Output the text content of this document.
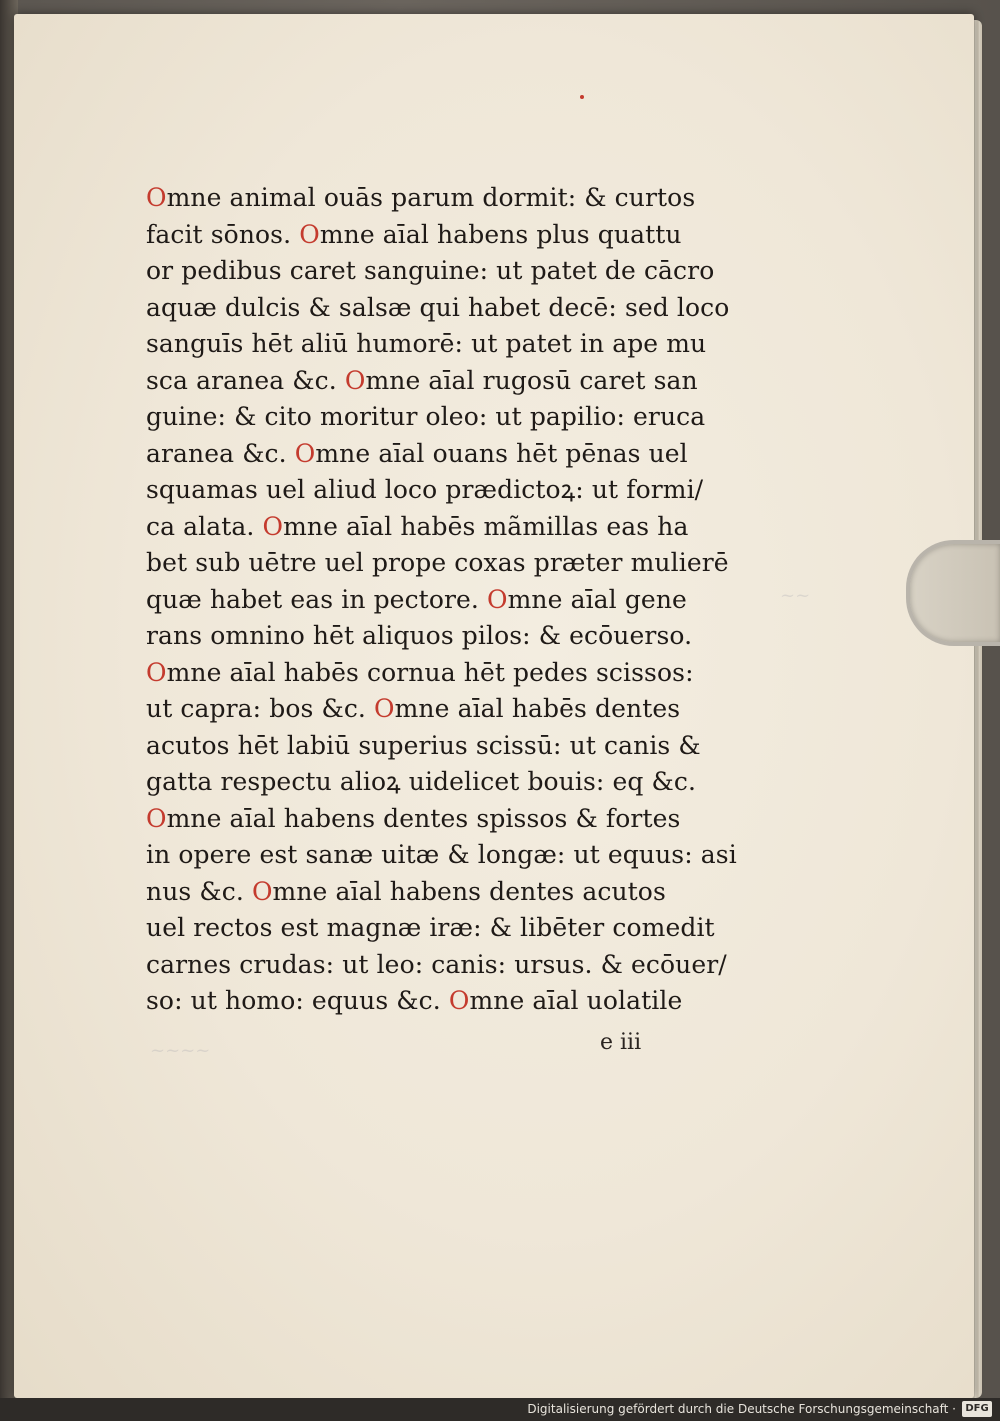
~~
~~~~
Omne animal ouās parum dormit: & curtos
facit sōnos. Omne aīal habens plus quattu
or pedibus caret sanguine: ut patet de cācro
aquæ dulcis & salsæ qui habet decē: sed loco
sanguīs hēt aliū humorē: ut patet in ape mu
sca aranea &c. Omne aīal rugosū caret san
guine: & cito moritur oleo: ut papilio: eruca
aranea &c. Omne aīal ouans hēt pēnas uel
squamas uel aliud loco prædictoꝝ: ut formi/
ca alata. Omne aīal habēs mãmillas eas ha
bet sub uētre uel prope coxas præter mulierē
quæ habet eas in pectore. Omne aīal gene
rans omnino hēt aliquos pilos: & ecōuerso.
Omne aīal habēs cornua hēt pedes scissos:
ut capra: bos &c. Omne aīal habēs dentes
acutos hēt labiū superius scissū: ut canis &
gatta respectu alioꝝ uidelicet bouis: eq &c.
Omne aīal habens dentes spissos & fortes
in opere est sanæ uitæ & longæ: ut equus: asi
nus &c. Omne aīal habens dentes acutos
uel rectos est magnæ iræ: & libēter comedit
carnes crudas: ut leo: canis: ursus. & ecōuer/
so: ut homo: equus &c. Omne aīal uolatile
e iii
Digitalisierung gefördert durch die Deutsche Forschungsgemeinschaft · DFG
